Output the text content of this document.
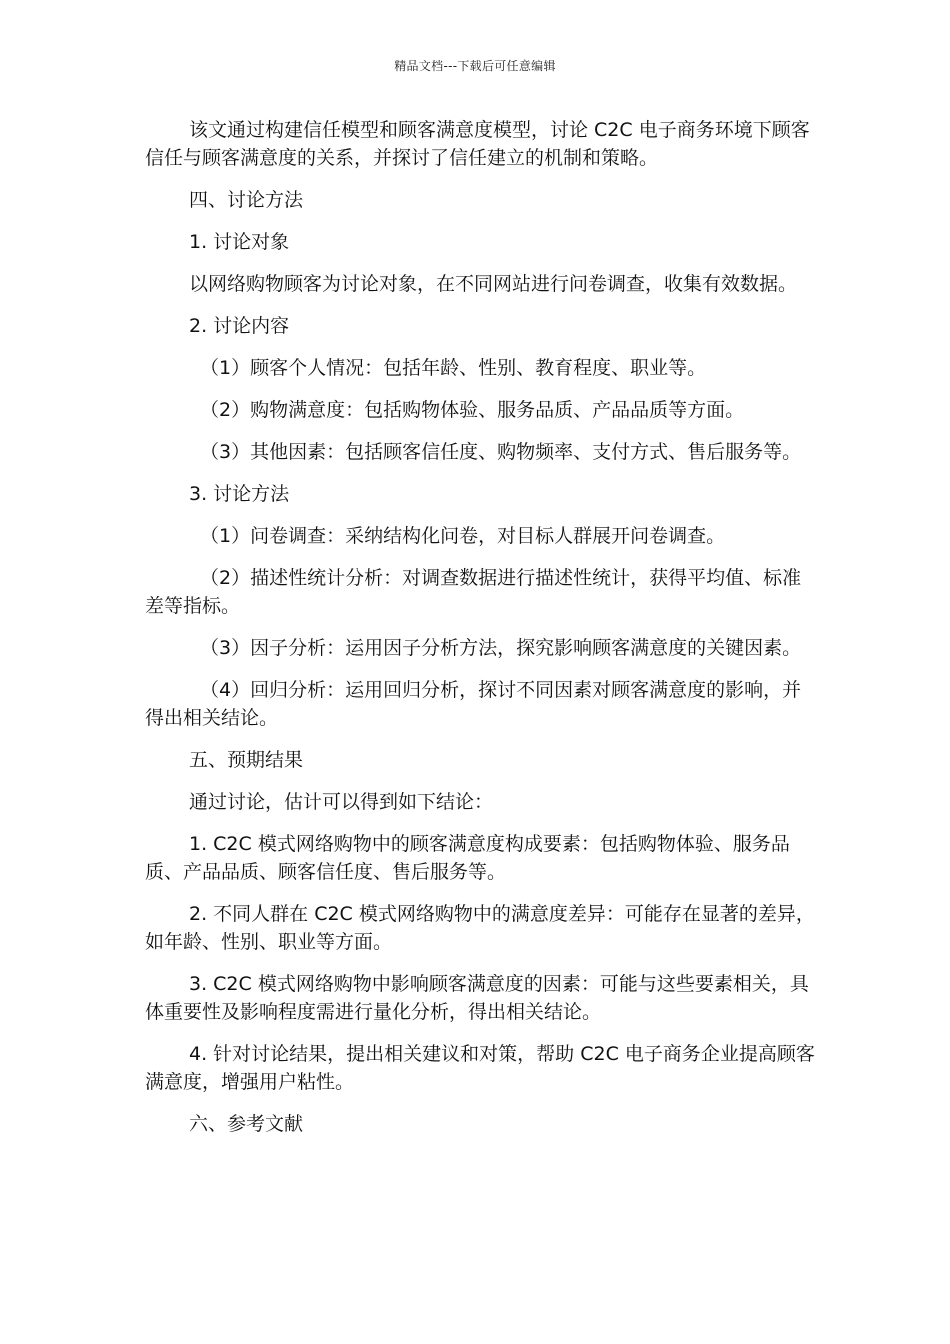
精品文档---下载后可任意编辑

该文通过构建信任模型和顾客满意度模型，讨论 C2C 电子商务环境下顾客信任与顾客满意度的关系，并探讨了信任建立的机制和策略。

四、讨论方法

1. 讨论对象

以网络购物顾客为讨论对象，在不同网站进行问卷调查，收集有效数据。

2. 讨论内容

（1）顾客个人情况：包括年龄、性别、教育程度、职业等。

（2）购物满意度：包括购物体验、服务品质、产品品质等方面。

（3）其他因素：包括顾客信任度、购物频率、支付方式、售后服务等。

3. 讨论方法

（1）问卷调查：采纳结构化问卷，对目标人群展开问卷调查。

（2）描述性统计分析：对调查数据进行描述性统计，获得平均值、标准差等指标。

（3）因子分析：运用因子分析方法，探究影响顾客满意度的关键因素。

（4）回归分析：运用回归分析，探讨不同因素对顾客满意度的影响，并得出相关结论。

五、预期结果

通过讨论，估计可以得到如下结论：

1. C2C 模式网络购物中的顾客满意度构成要素：包括购物体验、服务品质、产品品质、顾客信任度、售后服务等。

2. 不同人群在 C2C 模式网络购物中的满意度差异：可能存在显著的差异，如年龄、性别、职业等方面。

3. C2C 模式网络购物中影响顾客满意度的因素：可能与这些要素相关，具体重要性及影响程度需进行量化分析，得出相关结论。

4. 针对讨论结果，提出相关建议和对策，帮助 C2C 电子商务企业提高顾客满意度，增强用户粘性。

六、参考文献
